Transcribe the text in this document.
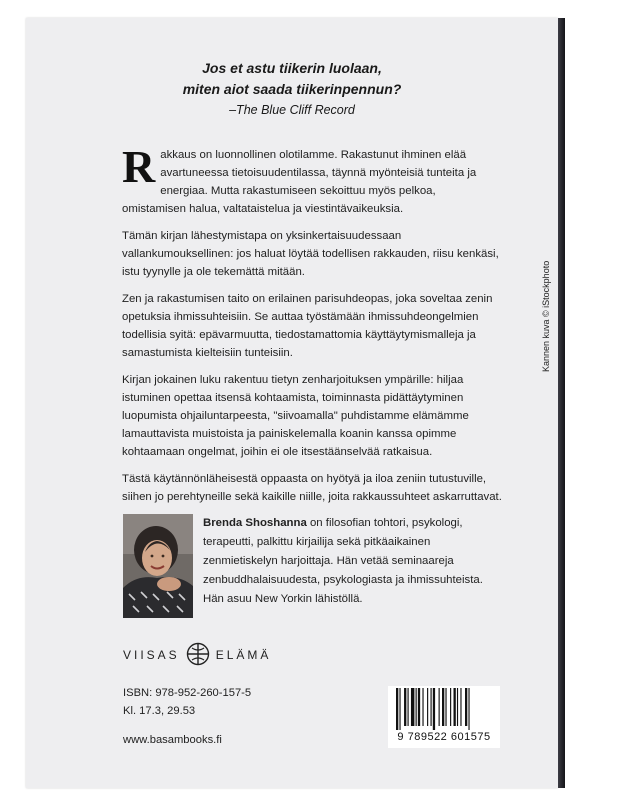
Jos et astu tiikerin luolaan,
miten aiot saada tiikerinpennun?
–The Blue Cliff Record

Rakkaus on luonnollinen olotilamme. Rakastunut ihminen elää avartuneessa tietoisuudentilassa, täynnä myönteisiä tunteita ja energiaa. Mutta rakastumiseen sekoittuu myös pelkoa, omistamisen halua, valtataistelua ja viestintävaikeuksia.

Tämän kirjan lähestymistapa on yksinkertaisuudessaan vallankumouksellinen: jos haluat löytää todellisen rakkauden, riisu kenkäsi, istu tyynylle ja ole tekemättä mitään.

Zen ja rakastumisen taito on erilainen parisuhdeopas, joka soveltaa zenin opetuksia ihmissuhteisiin. Se auttaa työstämään ihmissuhdeongelmien todellisia syitä: epävarmuutta, tiedostamattomia käyttäytymismalleja ja samastumista kielteisiin tunteisiin.

Kirjan jokainen luku rakentuu tietyn zenharjoituksen ympärille: hiljaa istuminen opettaa itsensä kohtaamista, toiminnasta pidättäytyminen luopumista ohjailuntarpeesta, "siivoamalla" puhdistamme elämämme lamauttavista muistoista ja painiskelemalla koanin kanssa opimme kohtaamaan ongelmat, joihin ei ole itsestäänselvää ratkaisua.

Tästä käytännönläheisestä oppaasta on hyötyä ja iloa zeniin tutustuville, siihen jo perehtyneille sekä kaikille niille, joita rakkaussuhteet askarruttavat.

Brenda Shoshanna on filosofian tohtori, psykologi, terapeutti, palkittu kirjailija sekä pitkäaikainen zenmietiskelyn harjoittaja. Hän vetää seminaareja zenbuddhalaisuudesta, psykologiasta ja ihmissuhteista.
Hän asuu New Yorkin lähistöllä.
VIISAS	ELÄMÄ
ISBN: 978-952-260-157-5
Kl. 17.3, 29.53
www.basambooks.fi	9 789522 601575
Kannen kuva © iStockphoto
